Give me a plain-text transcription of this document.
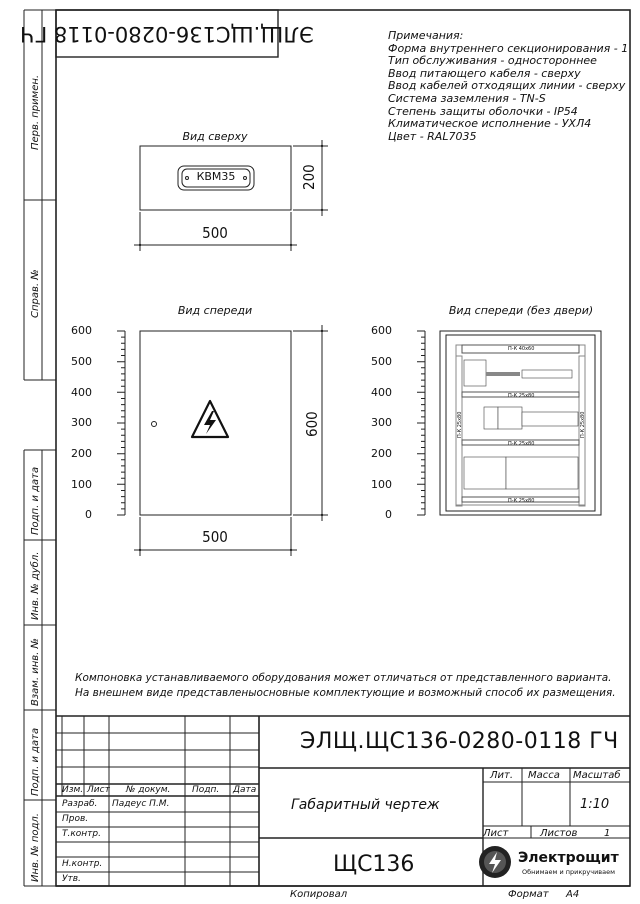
ЭЛЩ.ЩС136-0280-0118 ГЧ	Примечания:
Форма внутреннего секционирования - 1
Тип обслуживания - одностороннее
Ввод питающего кабеля - сверху
Ввод кабелей отходящих линии - сверху
Система заземления - TN-S
Степень защиты оболочки - IP54
Климатическое исполнение - УХЛ4
Цвет - RAL7035
Перв. примен.
Справ. №
Подп. и дата
Инв. № дубл.
Взам. инв. №
Подп. и дата
Инв. № подл.
Вид сверху
КВМ35
500
200
Вид спереди
500
600
Вид спереди (без двери)
600
500
400
300
200
100
0
600
500
400
300
200
100
0
П-К 40x60
П-К 25x80
П-К 25x80
П-К 25x80
П-К 25x80	П-К 25x80
Компоновка устанавливаемого оборудования может отличаться от представленного варианта.
На внешнем виде представленыосновные комплектующие и возможный способ их размещения.
ЭЛЩ.ЩС136-0280-0118 ГЧ
Изм. Лист № докум. Подп. Дата
Разраб. Падеус П.М.
Пров.
Т.контр.
Н.контр.
Утв.
Габаритный чертеж
ЩС136
Лит. Масса Масштаб
1:10
Лист	Листов	1
Электрощит
Обнимаем и прикручиваем
Копировал	Формат А4
